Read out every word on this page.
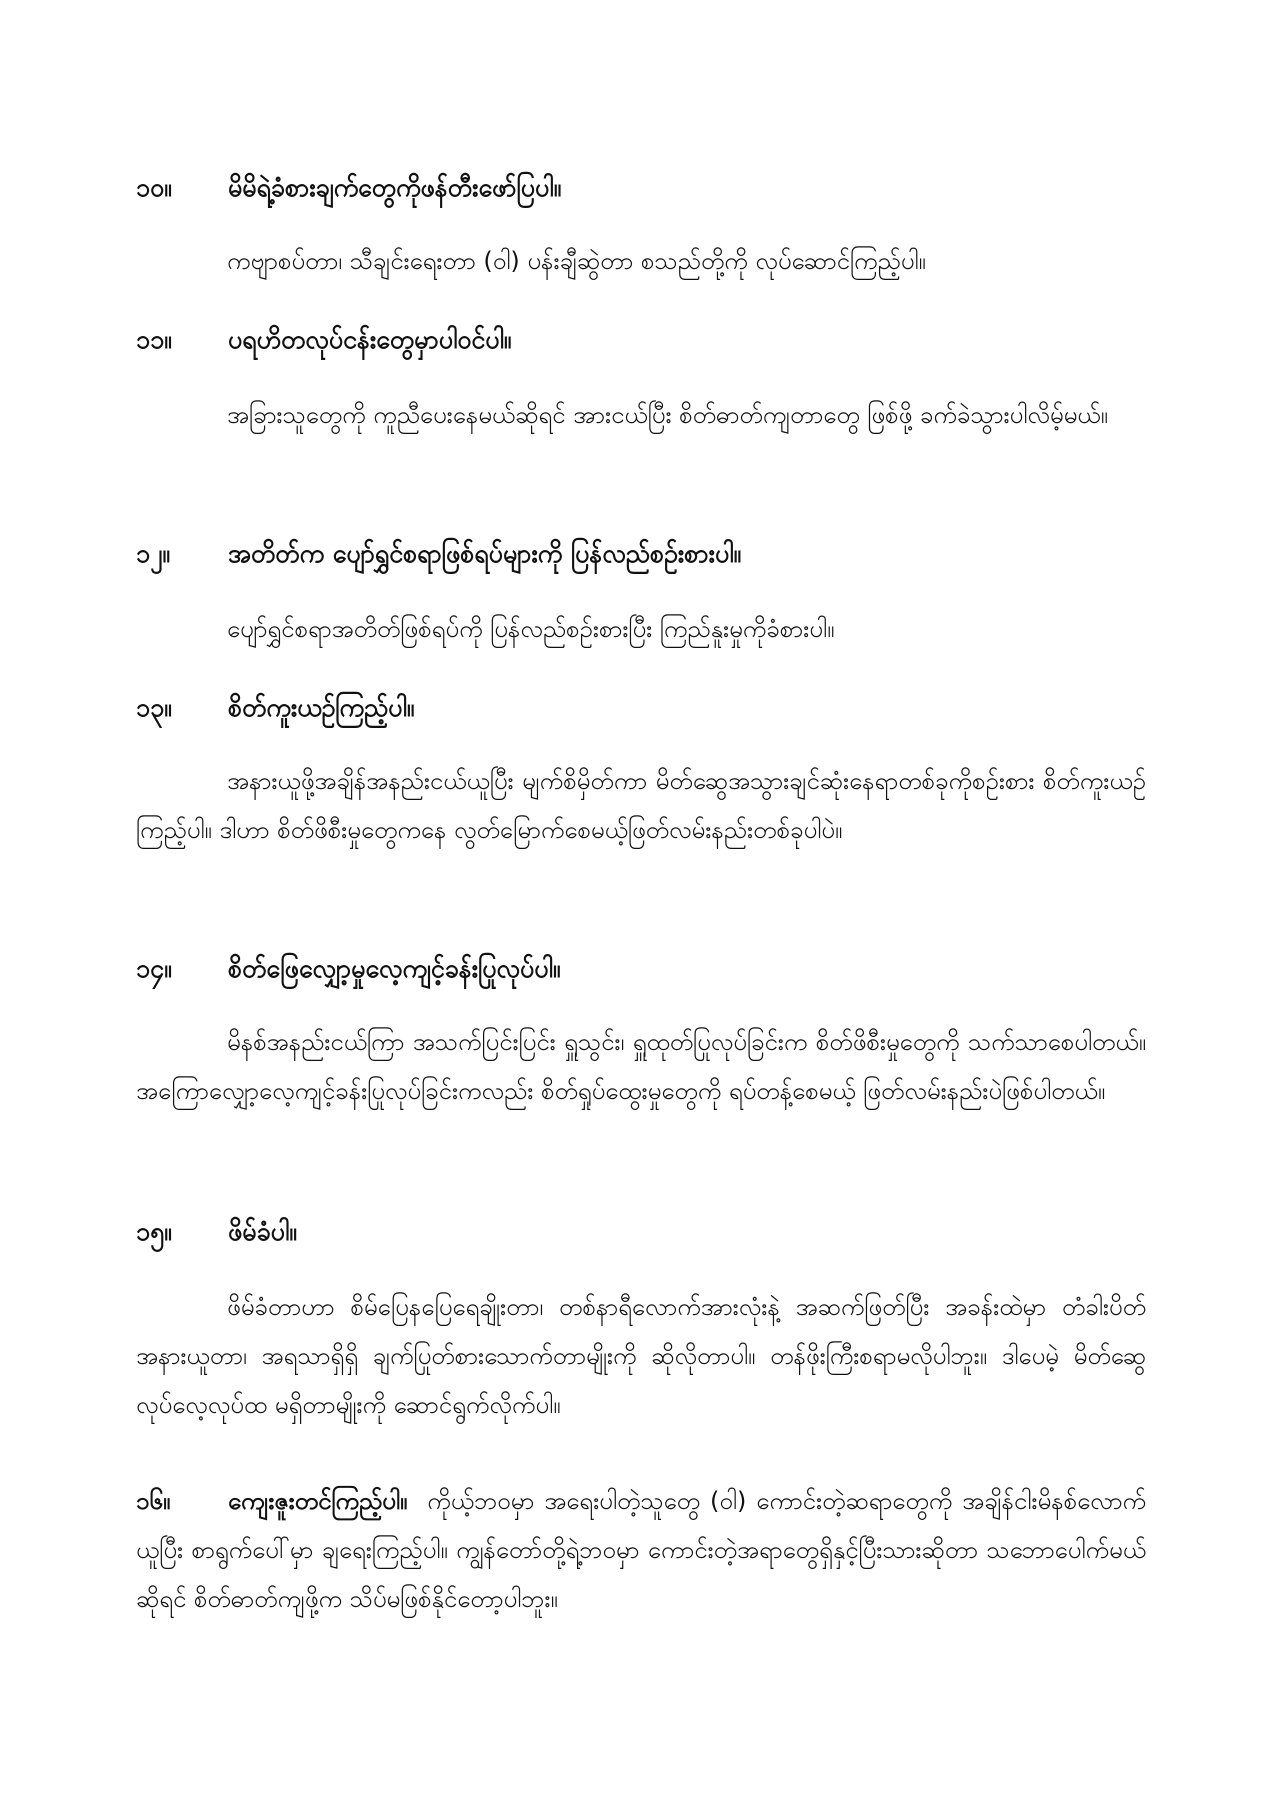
၁၀။ မိမိရဲ့ခံစားချက်တွေကိုဖန်တီးဖော်ပြပါ။

ကဗျာစပ်တာ၊ သီချင်းရေးတာ (ဝါ) ပန်းချီဆွဲတာ စသည်တို့ကို လုပ်ဆောင်ကြည့်ပါ။

၁၁။ ပရဟိတလုပ်ငန်းတွေမှာပါဝင်ပါ။

အခြားသူတွေကို ကူညီပေးနေမယ်ဆိုရင် အားငယ်ပြီး စိတ်ဓာတ်ကျတာတွေ ဖြစ်ဖို့ ခက်ခဲသွားပါလိမ့်မယ်။

၁၂။ အတိတ်က ပျော်ရွှင်စရာဖြစ်ရပ်များကို ပြန်လည်စဉ်းစားပါ။

ပျော်ရွှင်စရာအတိတ်ဖြစ်ရပ်ကို ပြန်လည်စဉ်းစားပြီး ကြည်နူးမှုကိုခံစားပါ။

၁၃။ စိတ်ကူးယဉ်ကြည့်ပါ။

အနားယူဖို့အချိန်အနည်းငယ်ယူပြီး မျက်စိမှိတ်ကာ မိတ်ဆွေအသွားချင်ဆုံးနေရာတစ်ခုကိုစဉ်းစား စိတ်ကူးယဉ်ကြည့်ပါ။ ဒါဟာ စိတ်ဖိစီးမှုတွေကနေ လွတ်မြောက်စေမယ့်ဖြတ်လမ်းနည်းတစ်ခုပါပဲ။

၁၄။ စိတ်ဖြေလျှော့မှုလေ့ကျင့်ခန်းပြုလုပ်ပါ။

မိနစ်အနည်းငယ်ကြာ အသက်ပြင်းပြင်း ရှူသွင်း၊ ရှူထုတ်ပြုလုပ်ခြင်းက စိတ်ဖိစီးမှုတွေကို သက်သာစေပါတယ်။ အကြောလျှော့လေ့ကျင့်ခန်းပြုလုပ်ခြင်းကလည်း စိတ်ရှုပ်ထွေးမှုတွေကို ရပ်တန့်စေမယ့် ဖြတ်လမ်းနည်းပဲဖြစ်ပါတယ်။

၁၅။ ဖိမ်ခံပါ။

ဖိမ်ခံတာဟာ စိမ်ပြေနပြေရေချိုးတာ၊ တစ်နာရီလောက်အားလုံးနဲ့ အဆက်ဖြတ်ပြီး အခန်းထဲမှာ တံခါးပိတ်အနားယူတာ၊ အရသာရှိရှိ ချက်ပြုတ်စားသောက်တာမျိုးကို ဆိုလိုတာပါ။ တန်ဖိုးကြီးစရာမလိုပါဘူး။ ဒါပေမဲ့ မိတ်ဆွေ လုပ်လေ့လုပ်ထ မရှိတာမျိုးကို ဆောင်ရွက်လိုက်ပါ။

၁၆။ ကျေးဇူးတင်ကြည့်ပါ။ ကိုယ့်ဘဝမှာ အရေးပါတဲ့သူတွေ (ဝါ) ကောင်းတဲ့ဆရာတွေကို အချိန်ငါးမိနစ်လောက်ယူပြီး စာရွက်ပေါ်မှာ ချရေးကြည့်ပါ။ ကျွန်တော်တို့ရဲ့ဘဝမှာ ကောင်းတဲ့အရာတွေရှိနှင့်ပြီးသားဆိုတာ သဘောပေါက်မယ်ဆိုရင် စိတ်ဓာတ်ကျဖို့က သိပ်မဖြစ်နိုင်တော့ပါဘူး။
